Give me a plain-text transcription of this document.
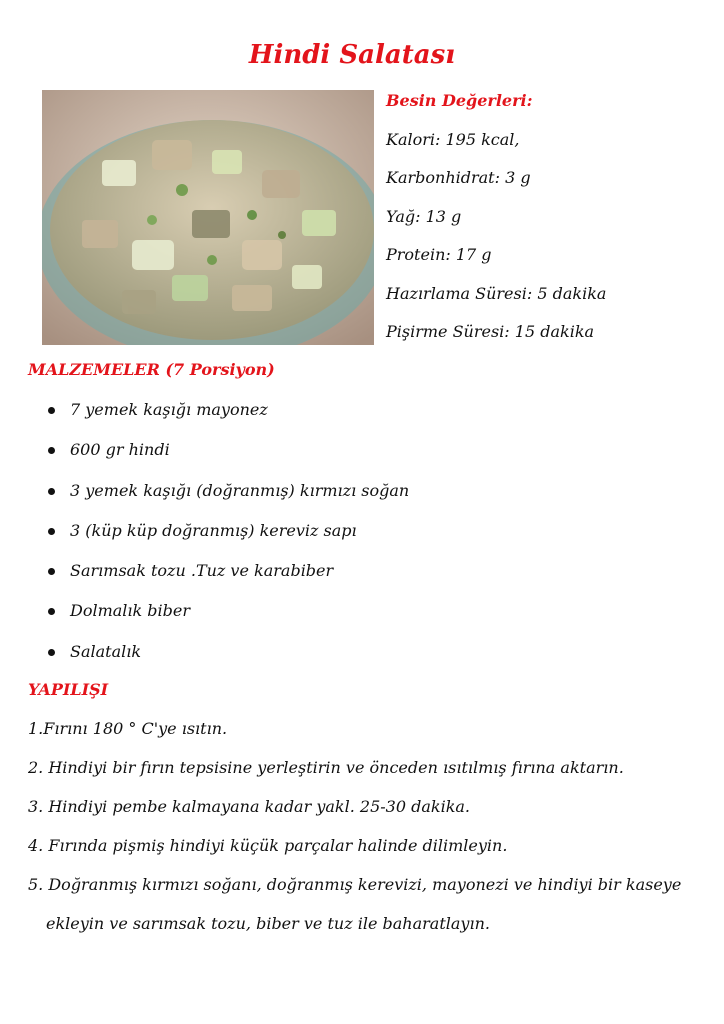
Hindi Salatası
Besin Değerleri:
Kalori: 195 kcal,
Karbonhidrat: 3 g
Yağ: 13 g
Protein: 17 g
Hazırlama Süresi: 5 dakika
Pişirme Süresi: 15 dakika
MALZEMELER (7 Porsiyon)
7 yemek kaşığı mayonez
600 gr hindi
3 yemek kaşığı (doğranmış) kırmızı soğan
3 (küp küp doğranmış) kereviz sapı
Sarımsak tozu .Tuz ve karabiber
Dolmalık biber
Salatalık
YAPILIŞI
1.Fırını 180 ° C'ye ısıtın.
2. Hindiyi bir fırın tepsisine yerleştirin ve önceden ısıtılmış fırına aktarın.
3. Hindiyi pembe kalmayana kadar yakl. 25-30 dakika.
4. Fırında pişmiş hindiyi küçük parçalar halinde dilimleyin.
5. Doğranmış kırmızı soğanı, doğranmış kerevizi, mayonezi ve hindiyi bir kaseye
ekleyin ve sarımsak tozu, biber ve tuz ile baharatlayın.
